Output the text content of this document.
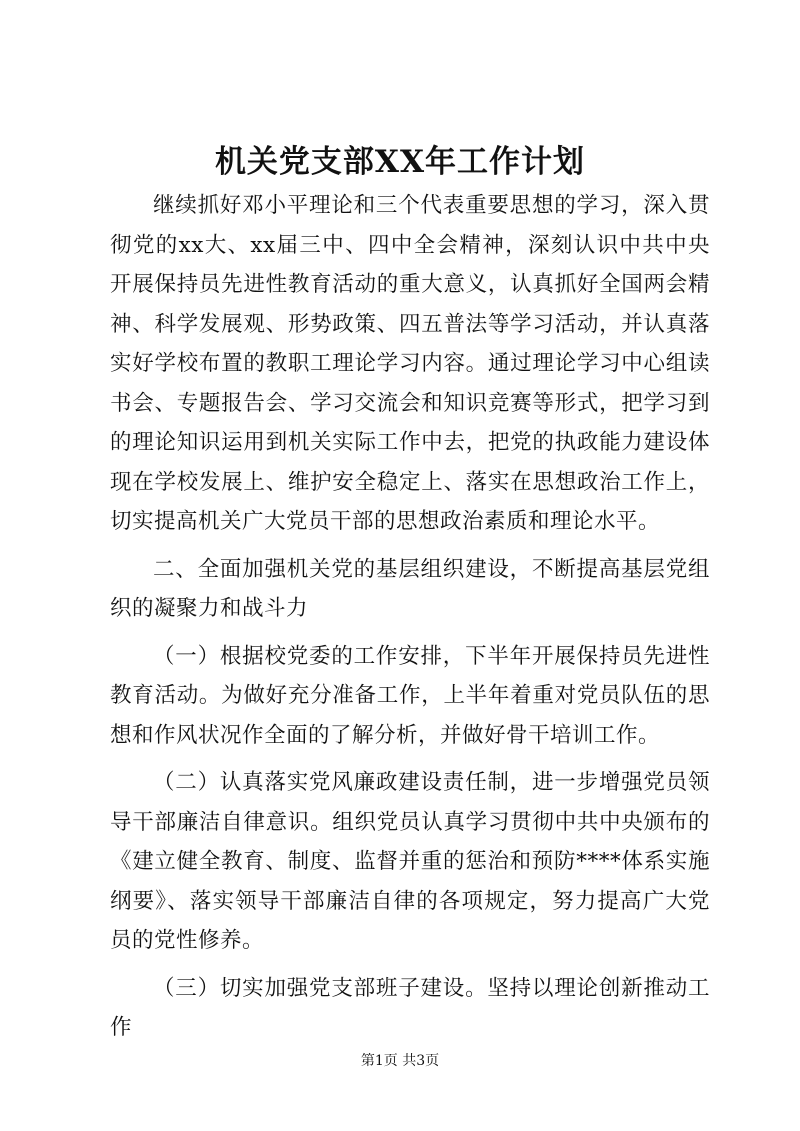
机关党支部XX年工作计划

继续抓好邓小平理论和三个代表重要思想的学习，深入贯彻党的xx大、xx届三中、四中全会精神，深刻认识中共中央开展保持员先进性教育活动的重大意义，认真抓好全国两会精神、科学发展观、形势政策、四五普法等学习活动，并认真落实好学校布置的教职工理论学习内容。通过理论学习中心组读书会、专题报告会、学习交流会和知识竞赛等形式，把学习到的理论知识运用到机关实际工作中去，把党的执政能力建设体现在学校发展上、维护安全稳定上、落实在思想政治工作上，切实提高机关广大党员干部的思想政治素质和理论水平。

二、全面加强机关党的基层组织建设，不断提高基层党组织的凝聚力和战斗力

（一）根据校党委的工作安排，下半年开展保持员先进性教育活动。为做好充分准备工作，上半年着重对党员队伍的思想和作风状况作全面的了解分析，并做好骨干培训工作。

（二）认真落实党风廉政建设责任制，进一步增强党员领导干部廉洁自律意识。组织党员认真学习贯彻中共中央颁布的《建立健全教育、制度、监督并重的惩治和预防****体系实施纲要》、落实领导干部廉洁自律的各项规定，努力提高广大党员的党性修养。

（三）切实加强党支部班子建设。坚持以理论创新推动工作

第1页 共3页
